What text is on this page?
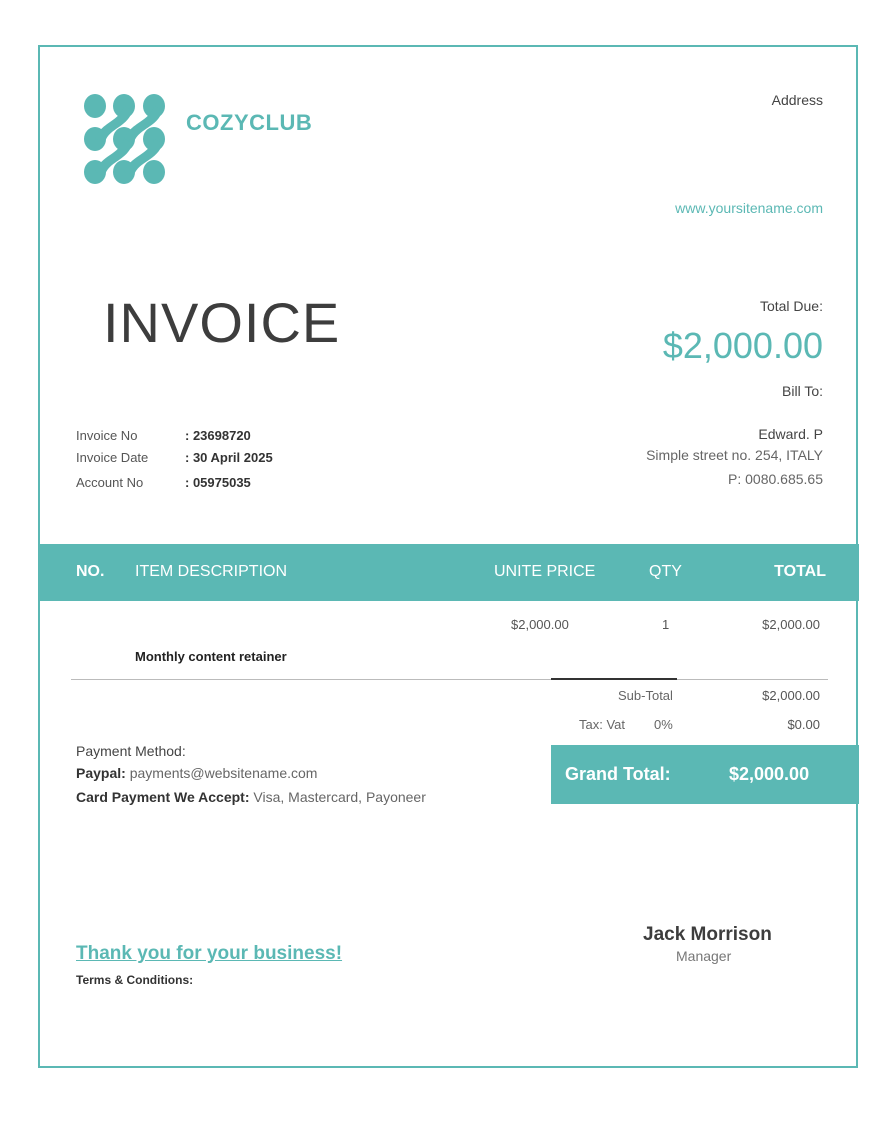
COZYCLUB
Address
www.yoursitename.com
INVOICE	Total Due:
$2,000.00
Bill To:
Invoice No	: 23698720
Invoice Date	: 30 April 2025
Account No	: 05975035
Edward. P
Simple street no. 254, ITALY
P: 0080.685.65
NO. ITEM DESCRIPTION	UNITE PRICE	QTY	TOTAL
$2,000.00	1	$2,000.00
Monthly content retainer
Sub-Total	$2,000.00
Tax: Vat 0%	$0.00
Grand Total:	$2,000.00
Payment Method:
Paypal: payments@websitename.com
Card Payment We Accept: Visa, Mastercard, Payoneer
Thank you for your business!
Terms & Conditions:
Jack Morrison
Manager
